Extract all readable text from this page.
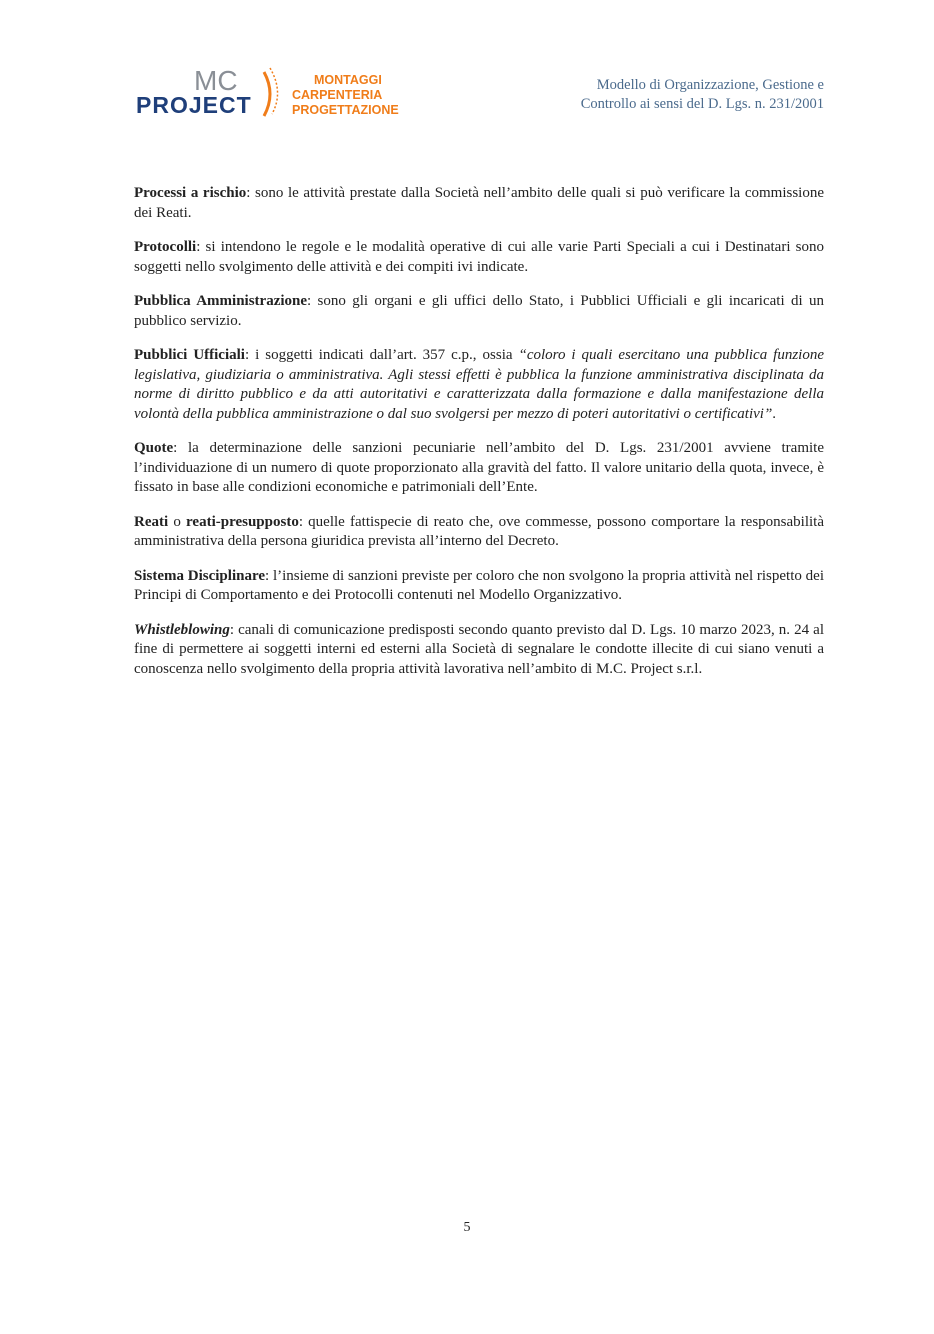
MC
PROJECT
MONTAGGI
CARPENTERIA
PROGETTAZIONE
Modello di Organizzazione, Gestione e
Controllo ai sensi del D. Lgs. n. 231/2001

Processi a rischio: sono le attività prestate dalla Società nell’ambito delle quali si può verificare la commissione dei Reati.

Protocolli: si intendono le regole e le modalità operative di cui alle varie Parti Speciali a cui i Destinatari sono soggetti nello svolgimento delle attività e dei compiti ivi indicate.

Pubblica Amministrazione: sono gli organi e gli uffici dello Stato, i Pubblici Ufficiali e gli incaricati di un pubblico servizio.

Pubblici Ufficiali: i soggetti indicati dall’art. 357 c.p., ossia “coloro i quali esercitano una pubblica funzione legislativa, giudiziaria o amministrativa. Agli stessi effetti è pubblica la funzione amministrativa disciplinata da norme di diritto pubblico e da atti autoritativi e caratterizzata dalla formazione e dalla manifestazione della volontà della pubblica amministrazione o dal suo svolgersi per mezzo di poteri autoritativi o certificativi”.

Quote: la determinazione delle sanzioni pecuniarie nell’ambito del D. Lgs. 231/2001 avviene tramite l’individuazione di un numero di quote proporzionato alla gravità del fatto. Il valore unitario della quota, invece, è fissato in base alle condizioni economiche e patrimoniali dell’Ente.

Reati o reati-presupposto: quelle fattispecie di reato che, ove commesse, possono comportare la responsabilità amministrativa della persona giuridica prevista all’interno del Decreto.

Sistema Disciplinare: l’insieme di sanzioni previste per coloro che non svolgono la propria attività nel rispetto dei Principi di Comportamento e dei Protocolli contenuti nel Modello Organizzativo.

Whistleblowing: canali di comunicazione predisposti secondo quanto previsto dal D. Lgs. 10 marzo 2023, n. 24 al fine di permettere ai soggetti interni ed esterni alla Società di segnalare le condotte illecite di cui siano venuti a conoscenza nello svolgimento della propria attività lavorativa nell’ambito di M.C. Project s.r.l.

5
